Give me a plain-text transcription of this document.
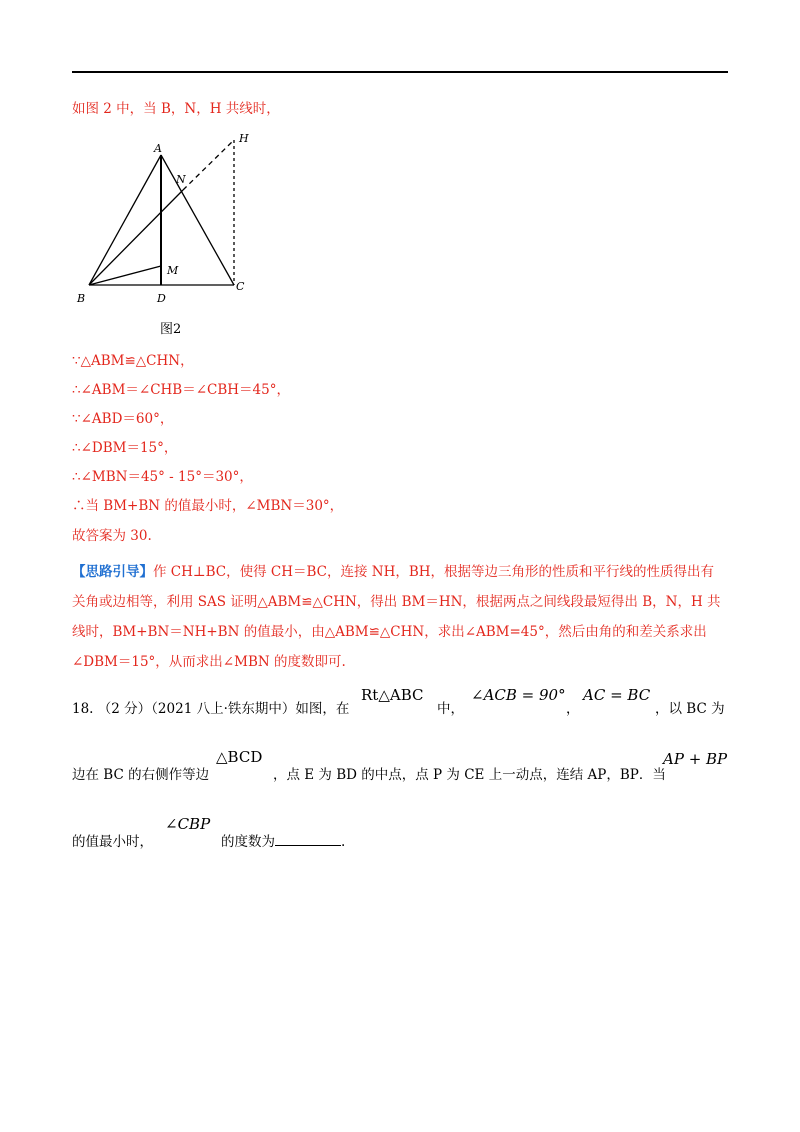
如图 2 中，当 B，N，H 共线时，
A
H
N
M
B	D
C
图2
∵△ABM≌△CHN，
∴∠ABM＝∠CHB＝∠CBH＝45°，
∵∠ABD＝60°，
∴∠DBM＝15°，
∴∠MBN＝45° - 15°＝30°，
∴当 BM+BN 的值最小时，∠MBN＝30°，
故答案为 30.
【思路引导】作 CH⊥BC，使得 CH＝BC，连接 NH，BH，根据等边三角形的性质和平行线的性质得出有
关角或边相等，利用 SAS 证明△ABM≌△CHN，得出 BM＝HN，根据两点之间线段最短得出 B，N，H 共
线时，BM+BN＝NH+BN 的值最小，由△ABM≌△CHN，求出∠ABM=45°，然后由角的和差关系求出
∠DBM＝15°，从而求出∠MBN 的度数即可.
18. （2 分）（2021 八上·铁东期中）如图，在
Rt△ABC
中，
∠ACB = 90°
，
AC = BC
，以 BC 为
边在 BC 的右侧作等边
△BCD
，点 E 为 BD 的中点，点 P 为 CE 上一动点，连结 AP，BP．当
AP + BP
的值最小时，
∠CBP
的度数为	.
